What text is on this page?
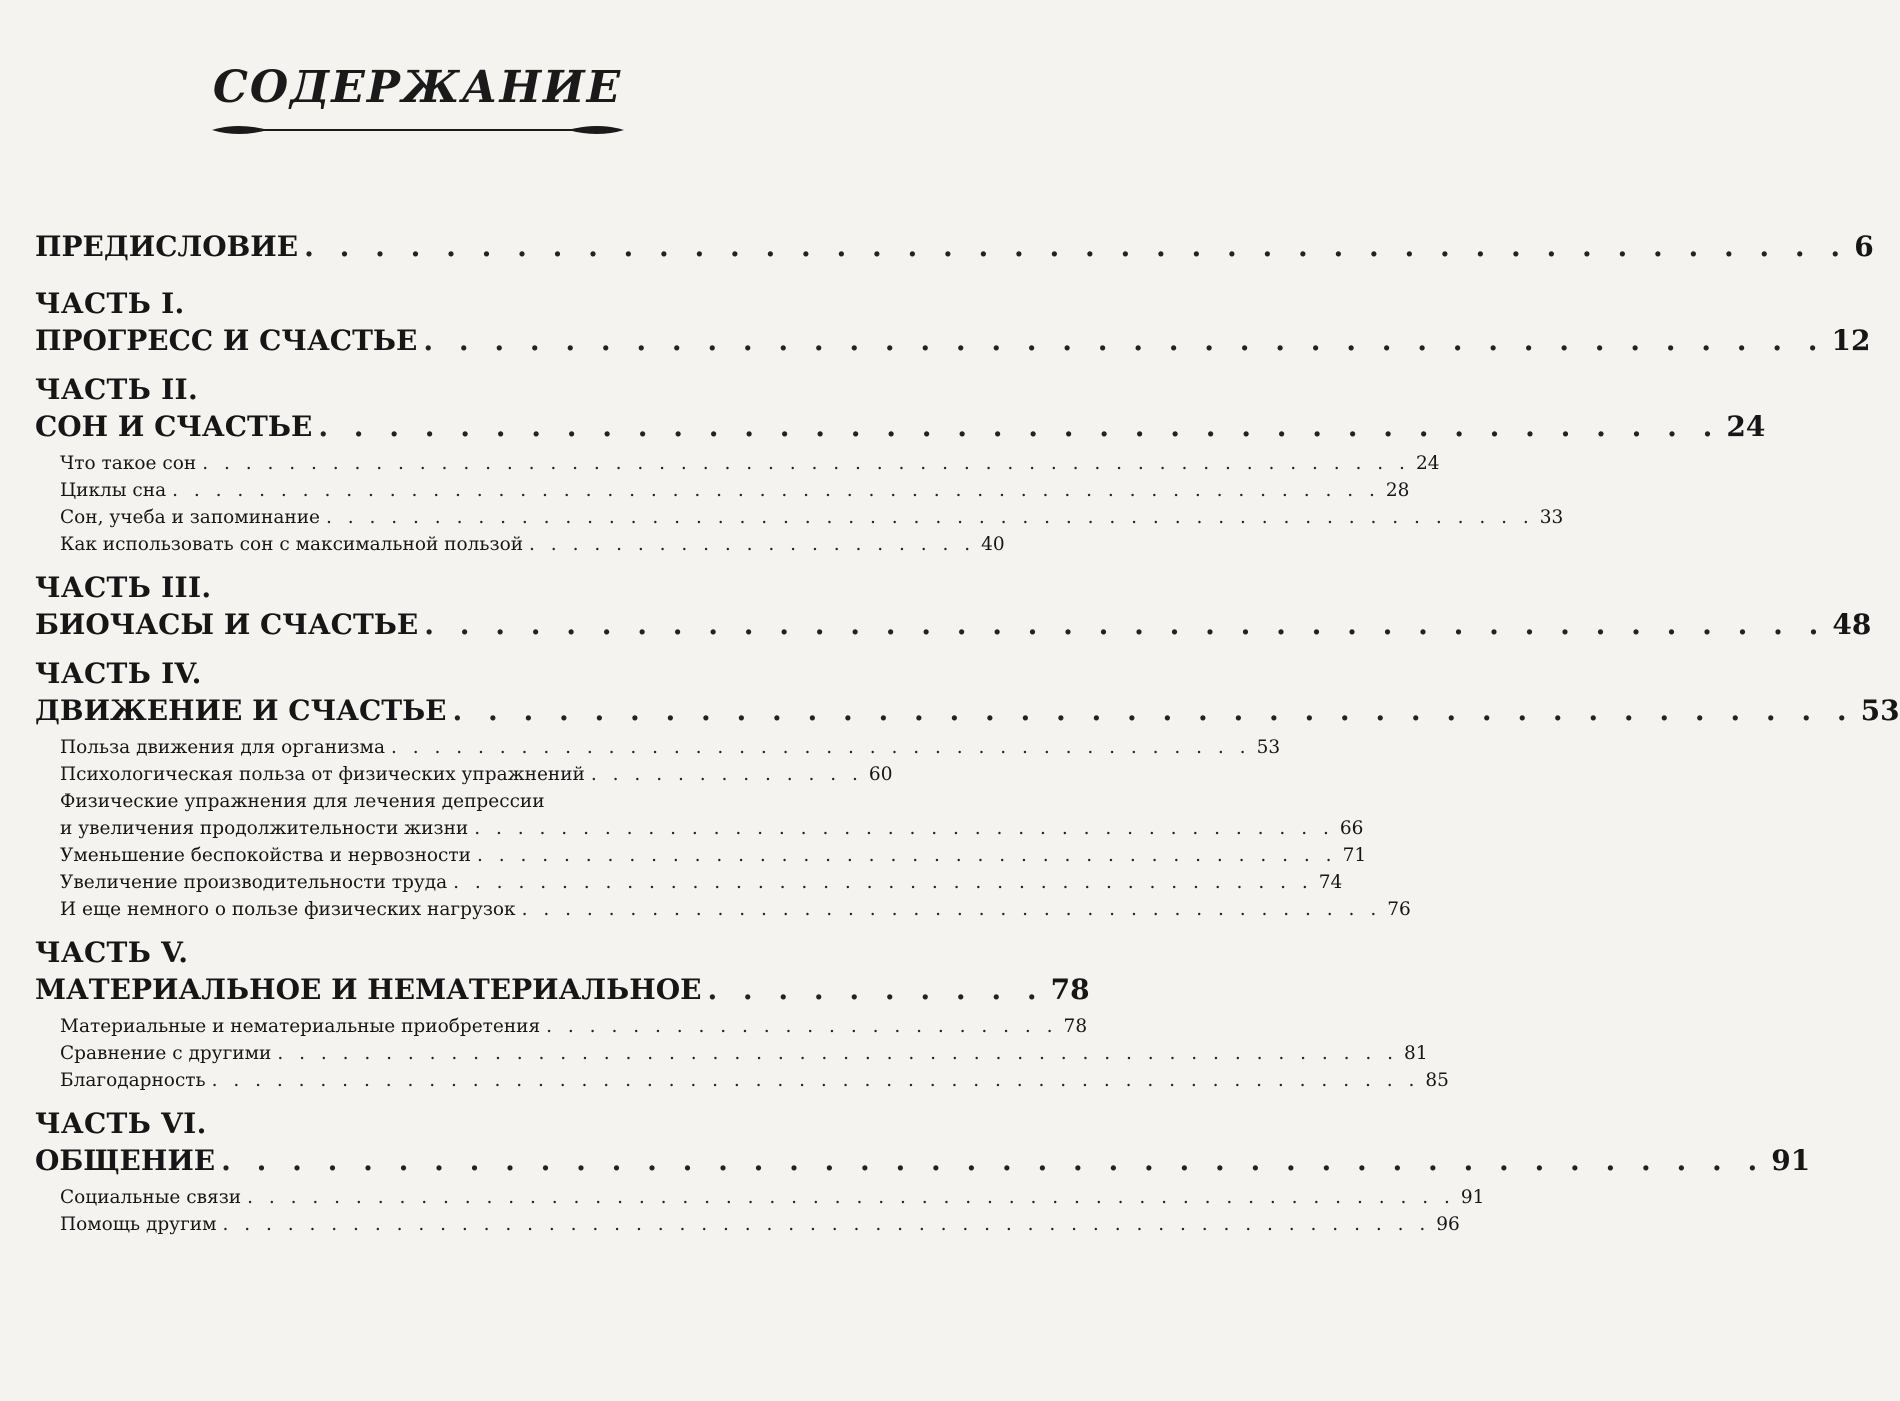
СОДЕРЖАНИЕ
ПРЕДИСЛОВИЕ . . . . . . . . . . . . . . . . . . . . . . . . . . . . . . . . . . . . . . . . . . . . 6
ЧАСТЬ I.
ПРОГРЕСС И СЧАСТЬЕ . . . . . . . . . . . . . . . . . . . . . . . . . . . . . . . . . . . . . . . . 12
ЧАСТЬ II.
СОН И СЧАСТЬЕ . . . . . . . . . . . . . . . . . . . . . . . . . . . . . . . . . . . . . . . . 24
Что такое сон . . . . . . . . . . . . . . . . . . . . . . . . . . . . . . . . . . . . . . . . . . . . . . . . . . . . . . . . 24
Циклы сна . . . . . . . . . . . . . . . . . . . . . . . . . . . . . . . . . . . . . . . . . . . . . . . . . . . . . . . . 28
Сон, учеба и запоминание . . . . . . . . . . . . . . . . . . . . . . . . . . . . . . . . . . . . . . . . . . . . . . . . . . . . . . . . 33
Как использовать сон с максимальной пользой . . . . . . . . . . . . . . . . . . . . . 40
ЧАСТЬ III.
БИОЧАСЫ И СЧАСТЬЕ . . . . . . . . . . . . . . . . . . . . . . . . . . . . . . . . . . . . . . . . 48
ЧАСТЬ IV.
ДВИЖЕНИЕ И СЧАСТЬЕ . . . . . . . . . . . . . . . . . . . . . . . . . . . . . . . . . . . . . . . . 53
Польза движения для организма . . . . . . . . . . . . . . . . . . . . . . . . . . . . . . . . . . . . . . . . 53
Психологическая польза от физических упражнений . . . . . . . . . . . . . 60
Физические упражнения для лечения депрессии
и увеличения продолжительности жизни . . . . . . . . . . . . . . . . . . . . . . . . . . . . . . . . . . . . . . . . 66
Уменьшение беспокойства и нервозности . . . . . . . . . . . . . . . . . . . . . . . . . . . . . . . . . . . . . . . . 71
Увеличение производительности труда . . . . . . . . . . . . . . . . . . . . . . . . . . . . . . . . . . . . . . . . 74
И еще немного о пользе физических нагрузок . . . . . . . . . . . . . . . . . . . . . . . . . . . . . . . . . . . . . . . . 76
ЧАСТЬ V.
МАТЕРИАЛЬНОЕ И НЕМАТЕРИАЛЬНОЕ . . . . . . . . . . 78
Материальные и нематериальные приобретения . . . . . . . . . . . . . . . . . . . . . . . . 78
Сравнение с другими . . . . . . . . . . . . . . . . . . . . . . . . . . . . . . . . . . . . . . . . . . . . . . . . . . . . 81
Благодарность . . . . . . . . . . . . . . . . . . . . . . . . . . . . . . . . . . . . . . . . . . . . . . . . . . . . . . . . 85
ЧАСТЬ VI.
ОБЩЕНИЕ . . . . . . . . . . . . . . . . . . . . . . . . . . . . . . . . . . . . . . . . . . . . 91
Социальные связи . . . . . . . . . . . . . . . . . . . . . . . . . . . . . . . . . . . . . . . . . . . . . . . . . . . . . . . . 91
Помощь другим . . . . . . . . . . . . . . . . . . . . . . . . . . . . . . . . . . . . . . . . . . . . . . . . . . . . . . . . 96
